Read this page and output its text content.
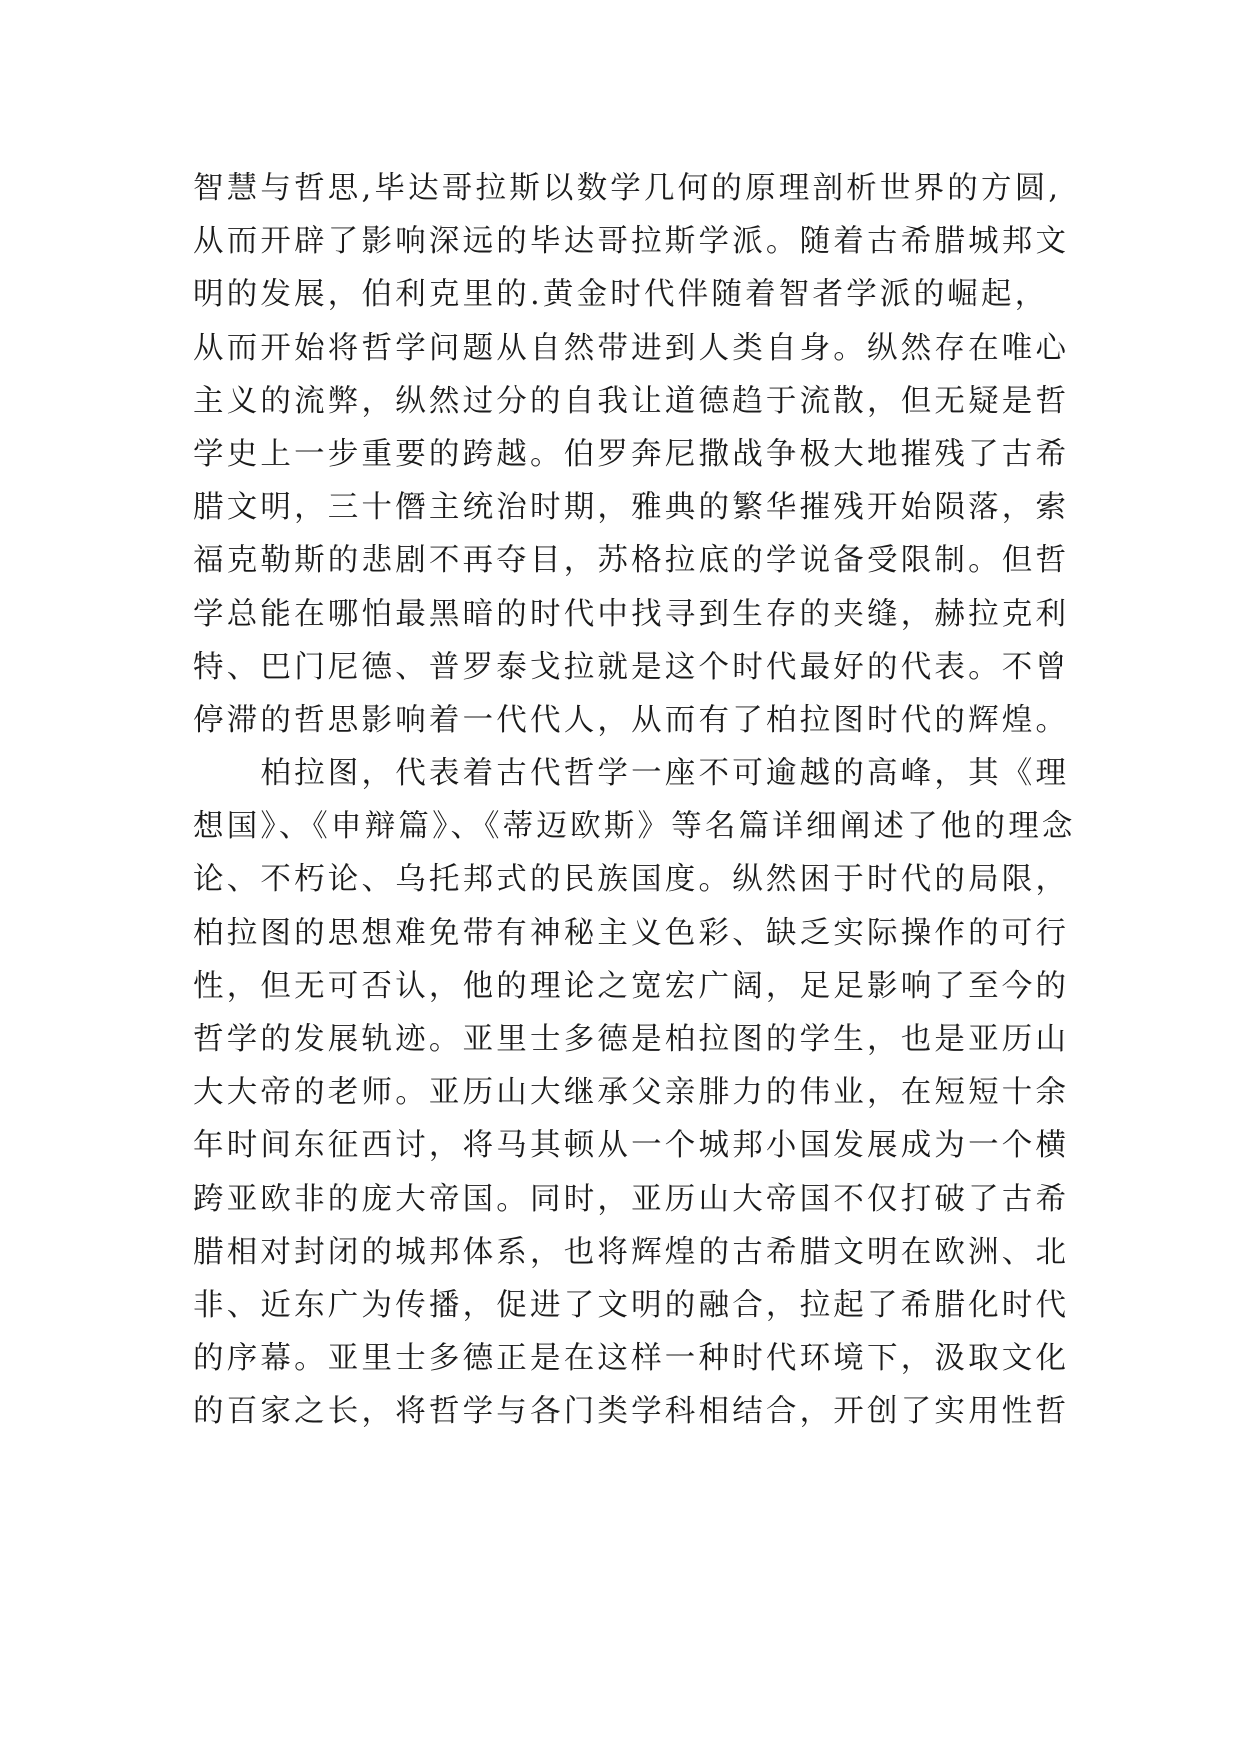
智慧与哲思,毕达哥拉斯以数学几何的原理剖析世界的方圆,
从而开辟了影响深远的毕达哥拉斯学派。随着古希腊城邦文
明的发展，伯利克里的.黄金时代伴随着智者学派的崛起，
从而开始将哲学问题从自然带进到人类自身。纵然存在唯心
主义的流弊，纵然过分的自我让道德趋于流散，但无疑是哲
学史上一步重要的跨越。伯罗奔尼撒战争极大地摧残了古希
腊文明，三十僭主统治时期，雅典的繁华摧残开始陨落，索
福克勒斯的悲剧不再夺目，苏格拉底的学说备受限制。但哲
学总能在哪怕最黑暗的时代中找寻到生存的夹缝，赫拉克利
特、巴门尼德、普罗泰戈拉就是这个时代最好的代表。不曾
停滞的哲思影响着一代代人，从而有了柏拉图时代的辉煌。
　　柏拉图，代表着古代哲学一座不可逾越的高峰，其《理
想国》、《申辩篇》、《蒂迈欧斯》等名篇详细阐述了他的理念
论、不朽论、乌托邦式的民族国度。纵然困于时代的局限，
柏拉图的思想难免带有神秘主义色彩、缺乏实际操作的可行
性，但无可否认，他的理论之宽宏广阔，足足影响了至今的
哲学的发展轨迹。亚里士多德是柏拉图的学生，也是亚历山
大大帝的老师。亚历山大继承父亲腓力的伟业，在短短十余
年时间东征西讨，将马其顿从一个城邦小国发展成为一个横
跨亚欧非的庞大帝国。同时，亚历山大帝国不仅打破了古希
腊相对封闭的城邦体系，也将辉煌的古希腊文明在欧洲、北
非、近东广为传播，促进了文明的融合，拉起了希腊化时代
的序幕。亚里士多德正是在这样一种时代环境下，汲取文化
的百家之长，将哲学与各门类学科相结合，开创了实用性哲
